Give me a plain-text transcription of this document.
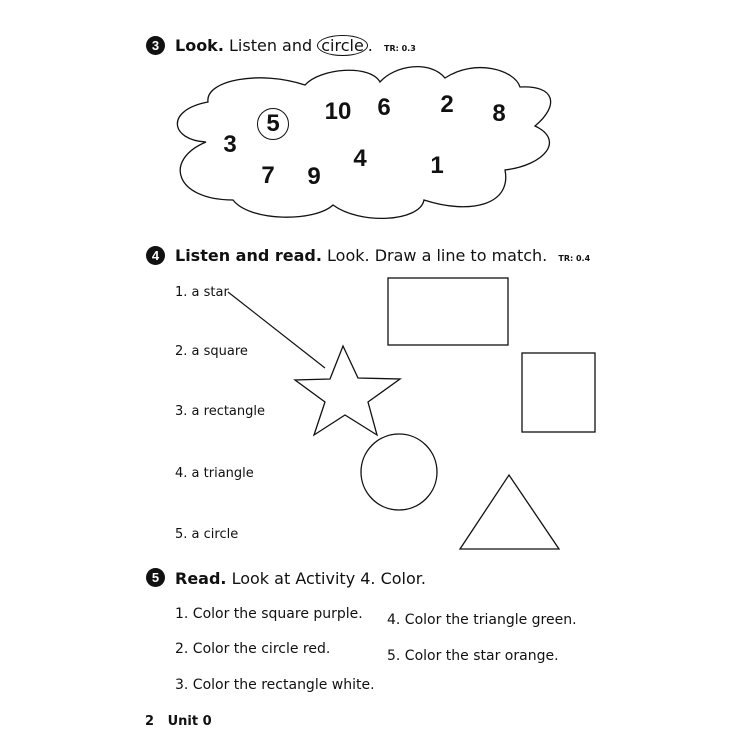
3 Look. Listen and circle . TR: 0.3
3
5	10 6 2 8
7 9
4	1
4 Listen and read. Look. Draw a line to match. TR: 0.4
1. a star
2. a square
3. a rectangle
4. a triangle
5. a circle
5 Read. Look at Activity 4. Color.
1. Color the square purple.
2. Color the circle red.
3. Color the rectangle white.
4. Color the triangle green.
5. Color the star orange.
2 Unit 0
